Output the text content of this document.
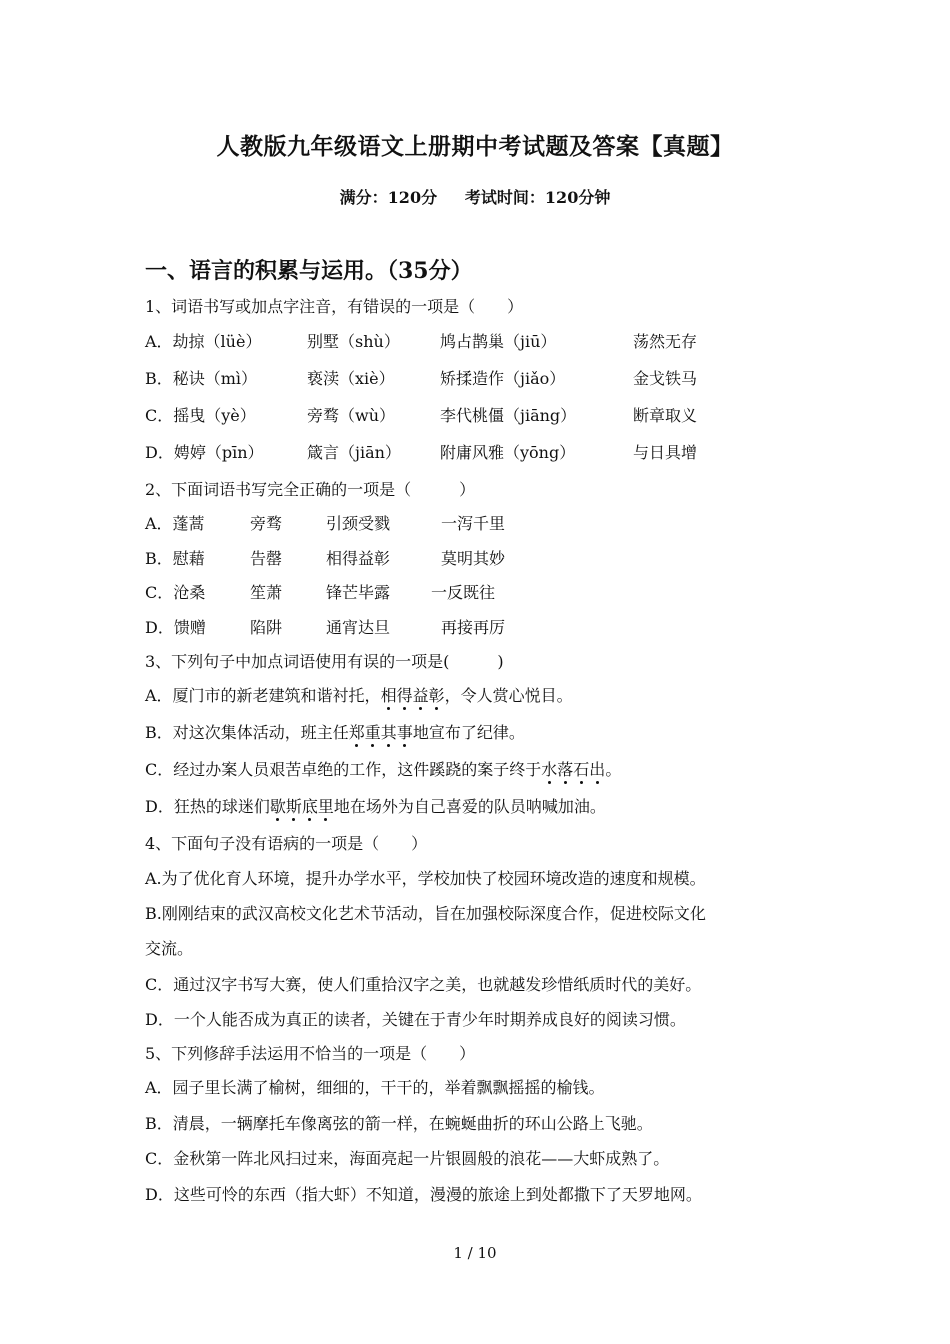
人教版九年级语文上册期中考试题及答案【真题】
满分：120分     考试时间：120分钟
一、语言的积累与运用。（35分）
1、词语书写或加点字注音，有错误的一项是（　　）
A．劫掠（lüè）	别墅（shù）	鸠占鹊巢（jiū）	荡然无存
B．秘诀（mì）	亵渎（xiè）	矫揉造作（jiǎo）	金戈铁马
C．摇曳（yè）	旁骛（wù）	李代桃僵（jiāng）	断章取义
D．娉婷（pīn）	箴言（jiān） 附庸风雅（yōng）	与日具增
2、下面词语书写完全正确的一项是（　　　）
A．蓬蒿	旁骛	引颈受戮	一泻千里
B．慰藉	告罄	相得益彰	莫明其妙
C．沧桑	笙萧	锋芒毕露	一反既往
D．馈赠	陷阱	通宵达旦	再接再厉
3、下列句子中加点词语使用有误的一项是(　　　)
A．厦门市的新老建筑和谐衬托，相得益彰，令人赏心悦目。
B．对这次集体活动，班主任郑重其事地宣布了纪律。
C．经过办案人员艰苦卓绝的工作，这件蹊跷的案子终于水落石出。
D．狂热的球迷们歇斯底里地在场外为自己喜爱的队员呐喊加油。
4、下面句子没有语病的一项是（　　）
A.为了优化育人环境，提升办学水平，学校加快了校园环境改造的速度和规模。
B.刚刚结束的武汉高校文化艺术节活动，旨在加强校际深度合作，促进校际文化
交流。
C．通过汉字书写大赛，使人们重拾汉字之美，也就越发珍惜纸质时代的美好。
D．一个人能否成为真正的读者，关键在于青少年时期养成良好的阅读习惯。
5、下列修辞手法运用不恰当的一项是（　　）
A．园子里长满了榆树，细细的，干干的，举着飘飘摇摇的榆钱。
B．清晨，一辆摩托车像离弦的箭一样，在蜿蜒曲折的环山公路上飞驰。
C．金秋第一阵北风扫过来，海面亮起一片银圆般的浪花——大虾成熟了。
D．这些可怜的东西（指大虾）不知道，漫漫的旅途上到处都撒下了天罗地网。
1 / 10
